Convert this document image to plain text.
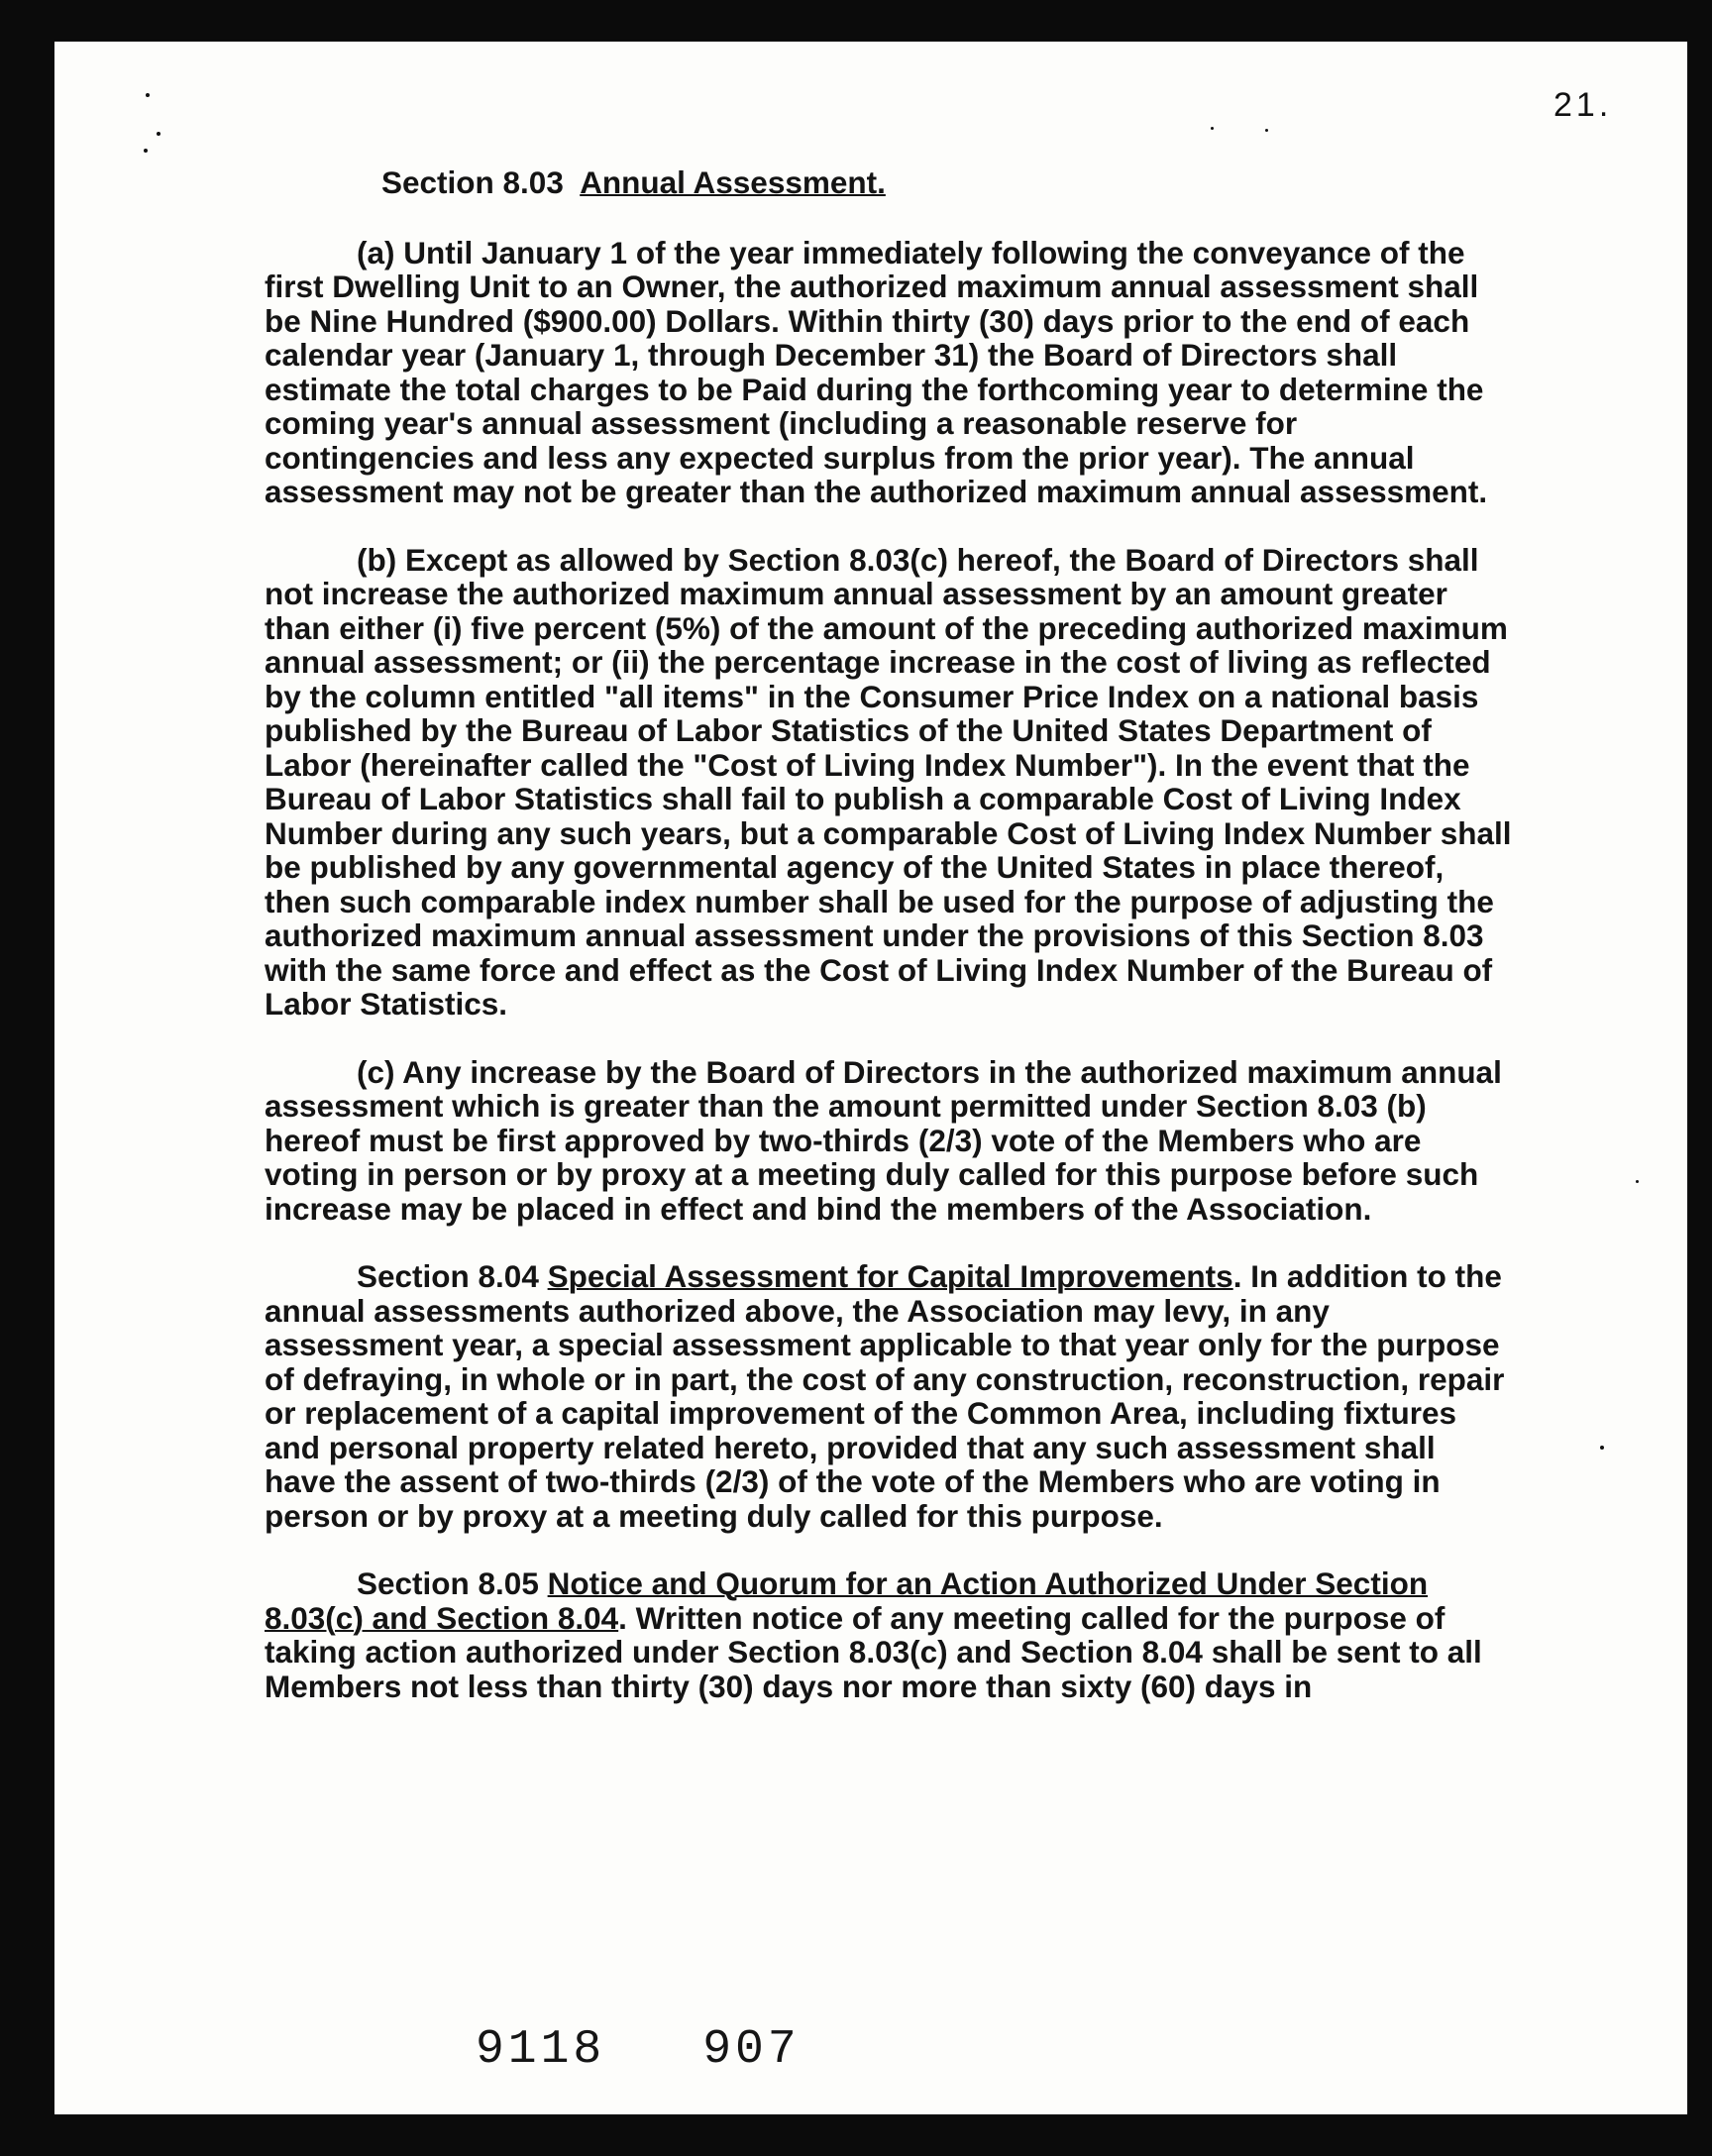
21.
Section 8.03 Annual Assessment.
(a) Until January 1 of the year immediately following the conveyance of the first Dwelling Unit to an Owner, the authorized maximum annual assessment shall be Nine Hundred ($900.00) Dollars. Within thirty (30) days prior to the end of each calendar year (January 1, through December 31) the Board of Directors shall estimate the total charges to be Paid during the forthcoming year to determine the coming year's annual assessment (including a reasonable reserve for contingencies and less any expected surplus from the prior year). The annual assessment may not be greater than the authorized maximum annual assessment.
(b) Except as allowed by Section 8.03(c) hereof, the Board of Directors shall not increase the authorized maximum annual assessment by an amount greater than either (i) five percent (5%) of the amount of the preceding authorized maximum annual assessment; or (ii) the percentage increase in the cost of living as reflected by the column entitled "all items" in the Consumer Price Index on a national basis published by the Bureau of Labor Statistics of the United States Department of Labor (hereinafter called the "Cost of Living Index Number"). In the event that the Bureau of Labor Statistics shall fail to publish a comparable Cost of Living Index Number during any such years, but a comparable Cost of Living Index Number shall be published by any governmental agency of the United States in place thereof, then such comparable index number shall be used for the purpose of adjusting the authorized maximum annual assessment under the provisions of this Section 8.03 with the same force and effect as the Cost of Living Index Number of the Bureau of Labor Statistics.
(c) Any increase by the Board of Directors in the authorized maximum annual assessment which is greater than the amount permitted under Section 8.03 (b) hereof must be first approved by two-thirds (2/3) vote of the Members who are voting in person or by proxy at a meeting duly called for this purpose before such increase may be placed in effect and bind the members of the Association.
Section 8.04 Special Assessment for Capital Improvements. In addition to the annual assessments authorized above, the Association may levy, in any assessment year, a special assessment applicable to that year only for the purpose of defraying, in whole or in part, the cost of any construction, reconstruction, repair or replacement of a capital improvement of the Common Area, including fixtures and personal property related hereto, provided that any such assessment shall have the assent of two-thirds (2/3) of the vote of the Members who are voting in person or by proxy at a meeting duly called for this purpose.
Section 8.05 Notice and Quorum for an Action Authorized Under Section 8.03(c) and Section 8.04. Written notice of any meeting called for the purpose of taking action authorized under Section 8.03(c) and Section 8.04 shall be sent to all Members not less than thirty (30) days nor more than sixty (60) days in
9118 907
